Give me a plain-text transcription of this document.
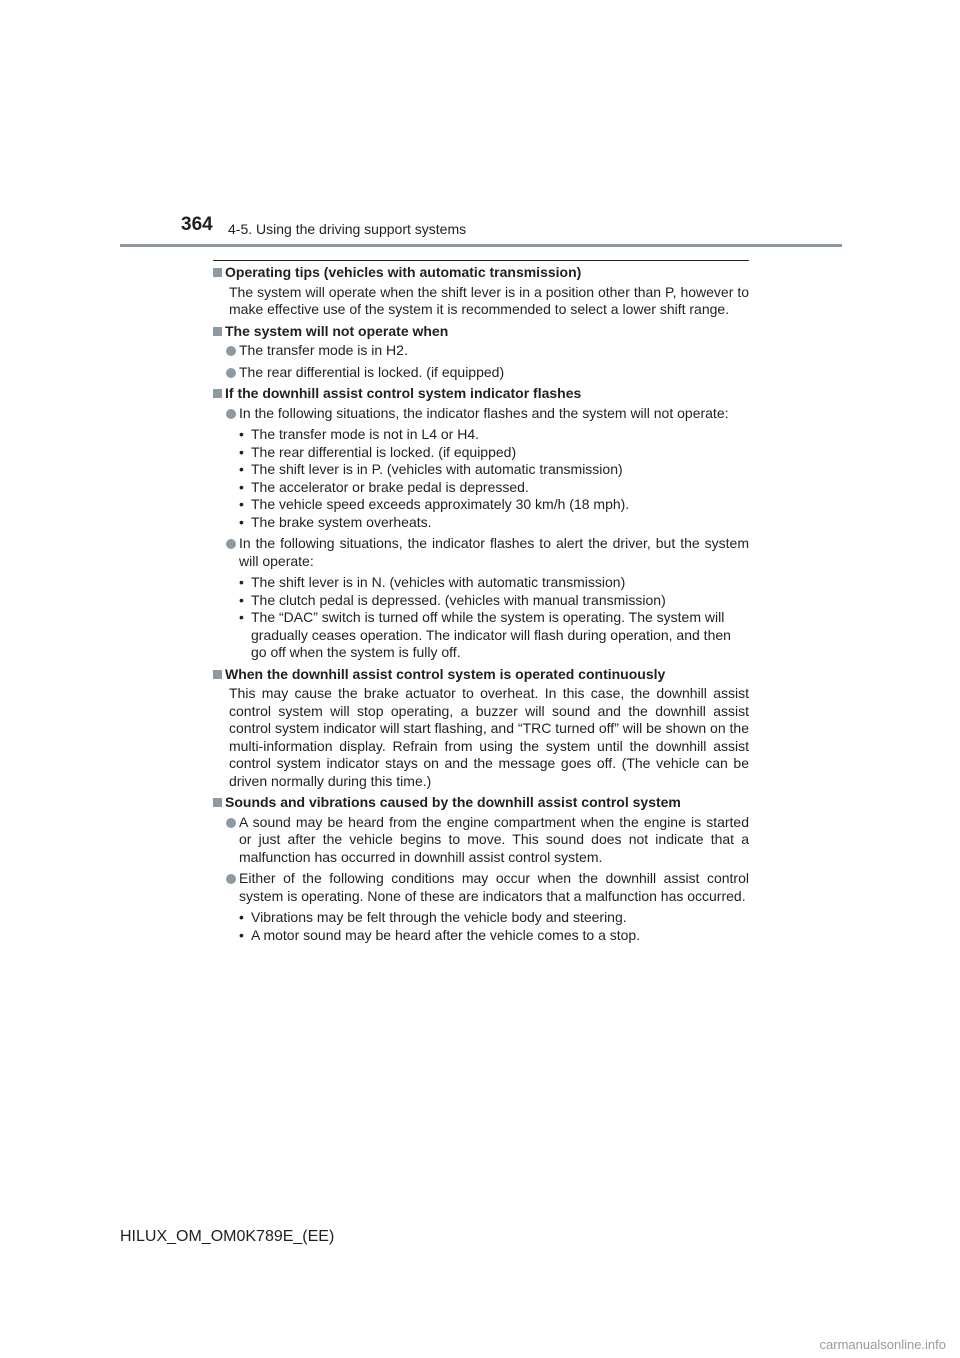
364 4-5. Using the driving support systems
Operating tips (vehicles with automatic transmission)
The system will operate when the shift lever is in a position other than P, however to make effective use of the system it is recommended to select a lower shift range.
The system will not operate when
The transfer mode is in H2.
The rear differential is locked. (if equipped)
If the downhill assist control system indicator flashes
In the following situations, the indicator flashes and the system will not operate:
• The transfer mode is not in L4 or H4.
• The rear differential is locked. (if equipped)
• The shift lever is in P. (vehicles with automatic transmission)
• The accelerator or brake pedal is depressed.
• The vehicle speed exceeds approximately 30 km/h (18 mph).
• The brake system overheats.
In the following situations, the indicator flashes to alert the driver, but the system will operate:
• The shift lever is in N. (vehicles with automatic transmission)
• The clutch pedal is depressed. (vehicles with manual transmission)
• The “DAC” switch is turned off while the system is operating. The system will gradually ceases operation. The indicator will flash during operation, and then go off when the system is fully off.
When the downhill assist control system is operated continuously
This may cause the brake actuator to overheat. In this case, the downhill assist control system will stop operating, a buzzer will sound and the downhill assist control system indicator will start flashing, and “TRC turned off” will be shown on the multi-information display. Refrain from using the system until the downhill assist control system indicator stays on and the message goes off. (The vehicle can be driven normally during this time.)
Sounds and vibrations caused by the downhill assist control system
A sound may be heard from the engine compartment when the engine is started or just after the vehicle begins to move. This sound does not indicate that a malfunction has occurred in downhill assist control system.
Either of the following conditions may occur when the downhill assist control system is operating. None of these are indicators that a malfunction has occurred.
• Vibrations may be felt through the vehicle body and steering.
• A motor sound may be heard after the vehicle comes to a stop.
HILUX_OM_OM0K789E_(EE)
carmanualsonline.info
